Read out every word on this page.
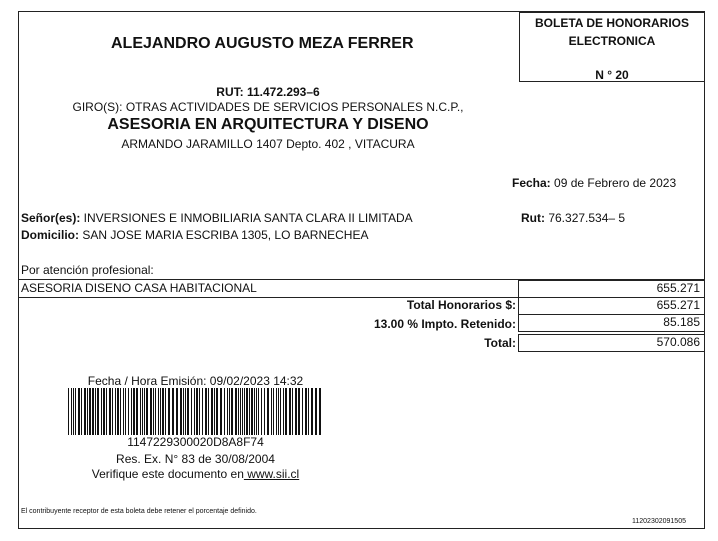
ALEJANDRO AUGUSTO MEZA FERRER
BOLETA DE HONORARIOS
ELECTRONICA
N ° 20
RUT: 11.472.293–6
GIRO(S): OTRAS ACTIVIDADES DE SERVICIOS PERSONALES N.C.P.,
ASESORIA EN ARQUITECTURA Y DISENO
ARMANDO JARAMILLO 1407 Depto. 402 , VITACURA
Fecha: 09 de Febrero de 2023
Señor(es): INVERSIONES E INMOBILIARIA SANTA CLARA II LIMITADA	Rut: 76.327.534– 5
Domicilio: SAN JOSE MARIA ESCRIBA 1305, LO BARNECHEA
Por atención profesional:
ASESORIA DISENO CASA HABITACIONAL	655.271
655.271
85.185
570.086
Total Honorarios $:
13.00 % Impto. Retenido:
Total:
Fecha / Hora Emisión: 09/02/2023 14:32
1147229300020D8A8F74
Res. Ex. N° 83 de 30/08/2004
Verifique este documento en www.sii.cl
El contribuyente receptor de esta boleta debe retener el porcentaje definido.
11202302091505
